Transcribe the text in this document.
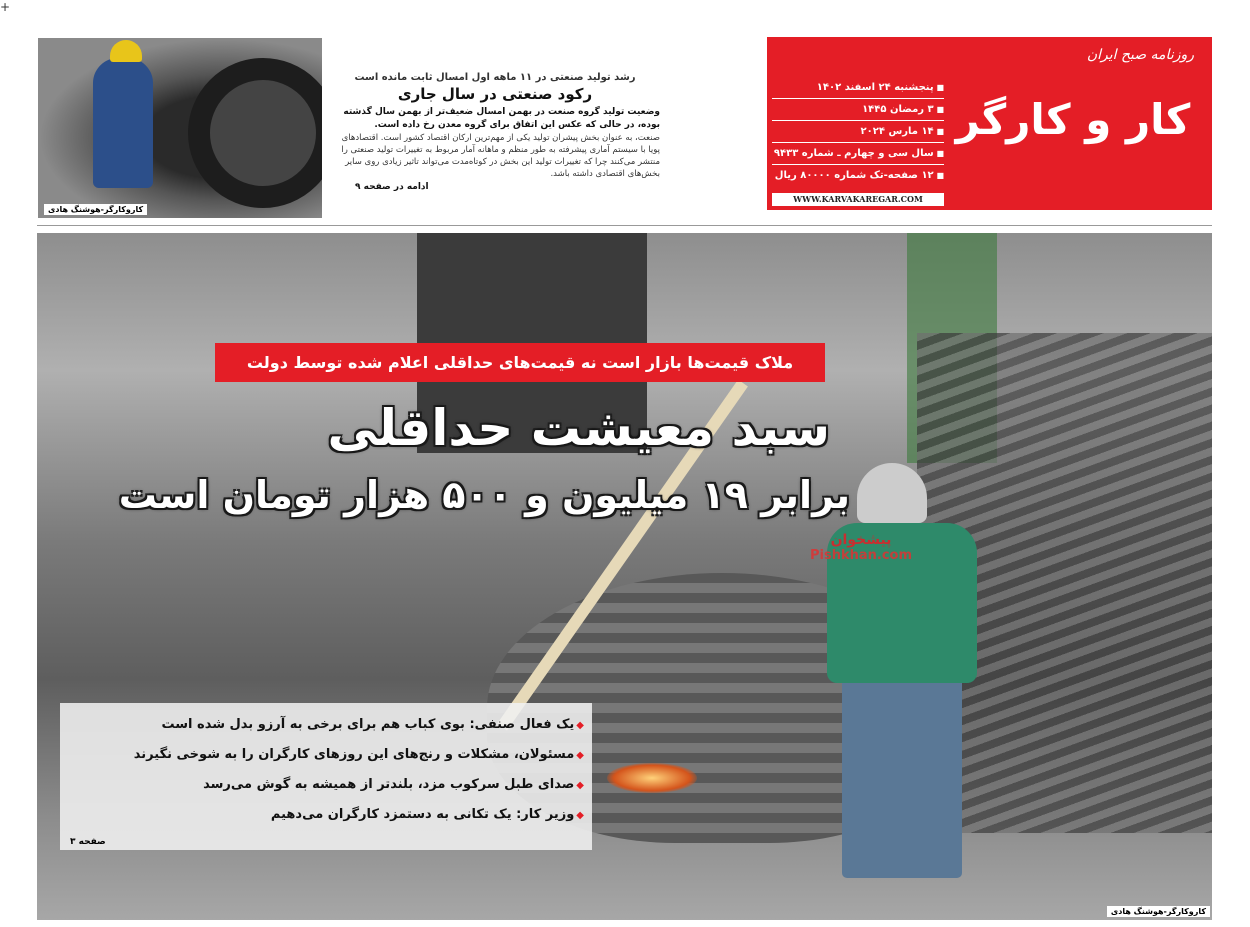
+
کاروکارگر-هوشنگ هادی
رشد تولید صنعتی در ۱۱ ماهه اول امسال ثابت مانده است
رکود صنعتی در سال جاری
وضعیت تولید گروه صنعت در بهمن امسال ضعیف‌تر از بهمن سال گذشته بوده، در حالی که عکس این اتفاق برای گروه معدن رخ داده است.
صنعت، به عنوان بخش پیشران تولید یکی از مهم‌ترین ارکان اقتصاد کشور است. اقتصادهای پویا با سیستم آماری پیشرفته به طور منظم و ماهانه آمار مربوط به تغییرات تولید صنعتی را منتشر می‌کنند چرا که تغییرات تولید این بخش در کوتاه‌مدت می‌تواند تاثیر زیادی روی سایر بخش‌های اقتصادی داشته باشد.
ادامه در صفحه ۹
روزنامه صبح ایران
کار و کارگر
■ پنجشنبه ۲۴ اسفند ۱۴۰۲
■ ۳ رمضان ۱۴۴۵
■ ۱۴ مارس ۲۰۲۴
■ سال سی و چهارم ـ شماره ۹۴۳۳
■ ۱۲ صفحه-تک شماره ۸۰۰۰۰ ریال
WWW.KARVAKAREGAR.COM
کاروکارگر-هوشنگ هادی
ملاک قیمت‌ها بازار است نه قیمت‌های حداقلی اعلام شده توسط دولت
سبد معیشت حداقلی
برابر ۱۹ میلیون و ۵۰۰ هزار تومان است
پیشخوان
Pishkhan.com
◆ یک فعال صنفی: بوی کباب هم برای برخی به آرزو بدل شده است
◆ مسئولان، مشکلات و رنج‌های این روزهای کارگران را به شوخی نگیرند
◆ صدای طبل سرکوب مزد، بلندتر از همیشه به گوش می‌رسد
◆ وزیر کار: یک تکانی به دستمزد کارگران می‌دهیم
صفحه ۳
